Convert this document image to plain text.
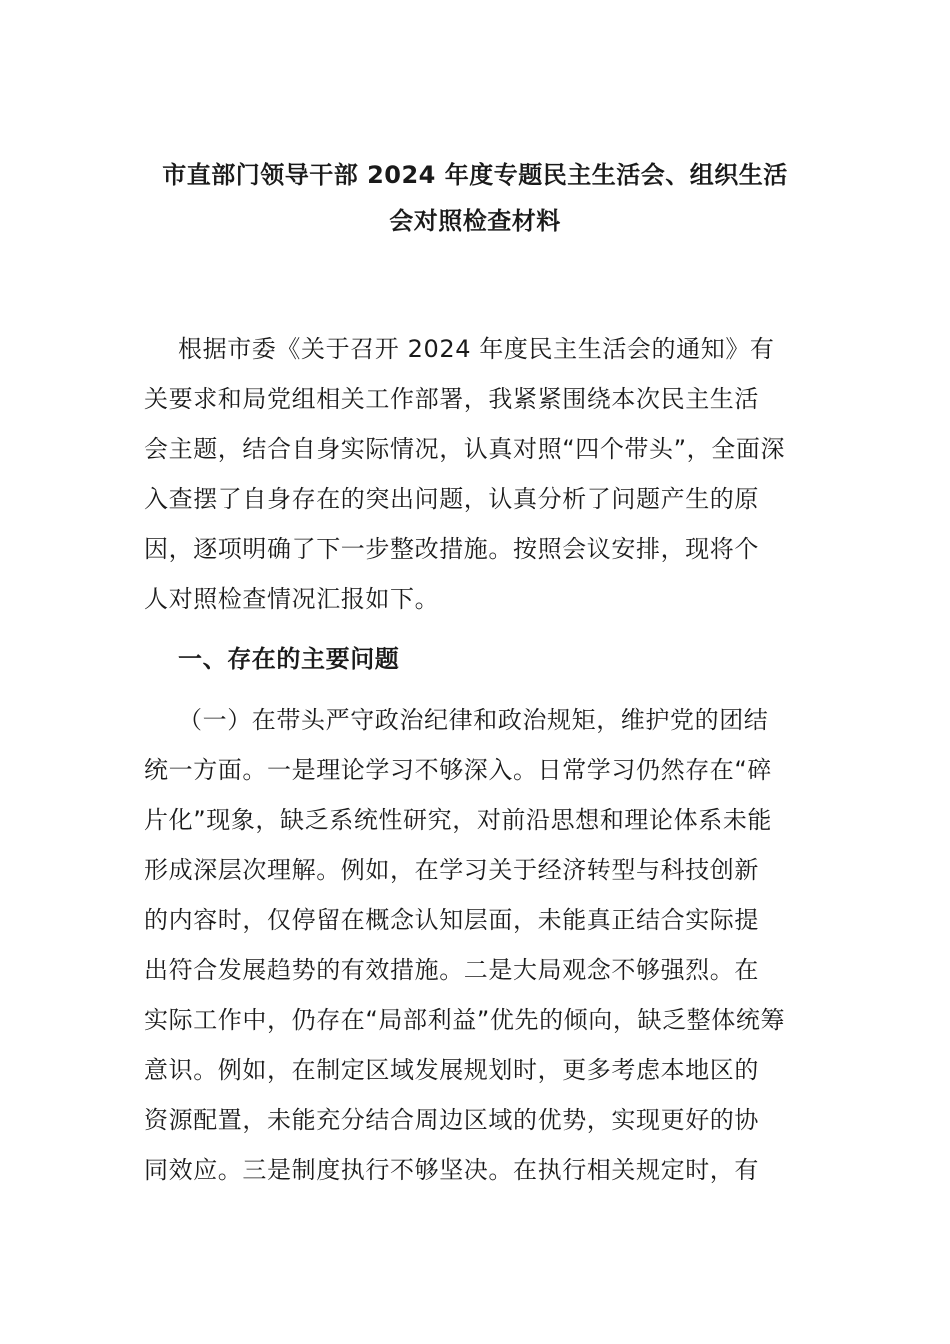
市直部门领导干部 2024 年度专题民主生活会、组织生活
会对照检查材料
根据市委《关于召开 2024 年度民主生活会的通知》有
关要求和局党组相关工作部署，我紧紧围绕本次民主生活
会主题，结合自身实际情况，认真对照“四个带头”，全面深
入查摆了自身存在的突出问题，认真分析了问题产生的原
因，逐项明确了下一步整改措施。按照会议安排，现将个
人对照检查情况汇报如下。
一、存在的主要问题
（一）在带头严守政治纪律和政治规矩，维护党的团结
统一方面。一是理论学习不够深入。日常学习仍然存在“碎
片化”现象，缺乏系统性研究，对前沿思想和理论体系未能
形成深层次理解。例如，在学习关于经济转型与科技创新
的内容时，仅停留在概念认知层面，未能真正结合实际提
出符合发展趋势的有效措施。二是大局观念不够强烈。在
实际工作中，仍存在“局部利益”优先的倾向，缺乏整体统筹
意识。例如，在制定区域发展规划时，更多考虑本地区的
资源配置，未能充分结合周边区域的优势，实现更好的协
同效应。三是制度执行不够坚决。在执行相关规定时，有
